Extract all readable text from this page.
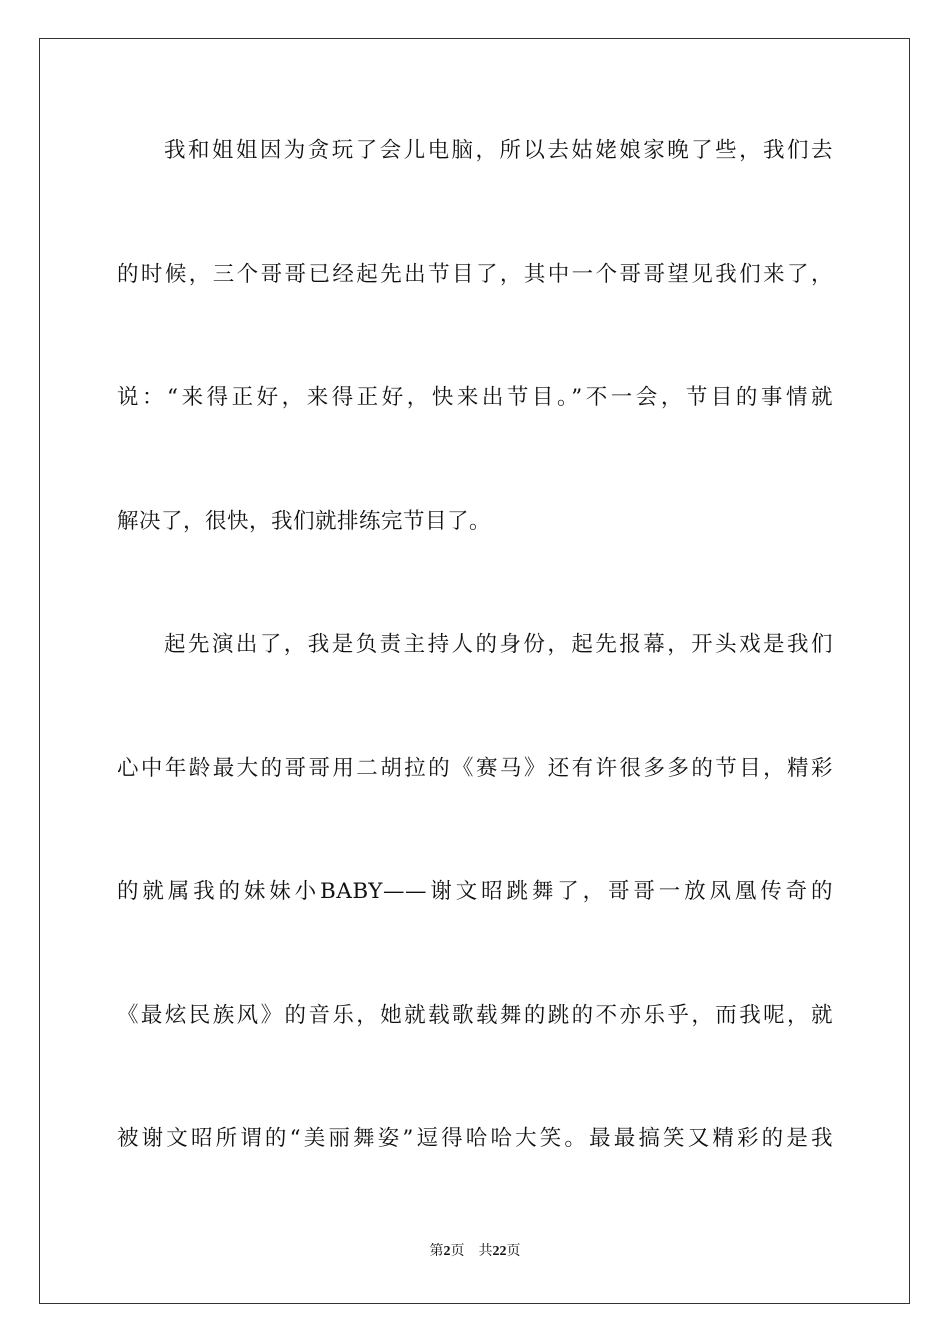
我和姐姐因为贪玩了会儿电脑，所以去姑姥娘家晚了些，我们去
的时候，三个哥哥已经起先出节目了，其中一个哥哥望见我们来了，
说：“来得正好，来得正好，快来出节目。”不一会，节目的事情就
解决了，很快，我们就排练完节目了。
起先演出了，我是负责主持人的身份，起先报幕，开头戏是我们
心中年龄最大的哥哥用二胡拉的《赛马》还有许很多多的节目，精彩
的就属我的妹妹小BABY——谢文昭跳舞了，哥哥一放凤凰传奇的
《最炫民族风》的音乐，她就载歌载舞的跳的不亦乐乎，而我呢，就
被谢文昭所谓的“美丽舞姿”逗得哈哈大笑。最最搞笑又精彩的是我
第2页 共22页
